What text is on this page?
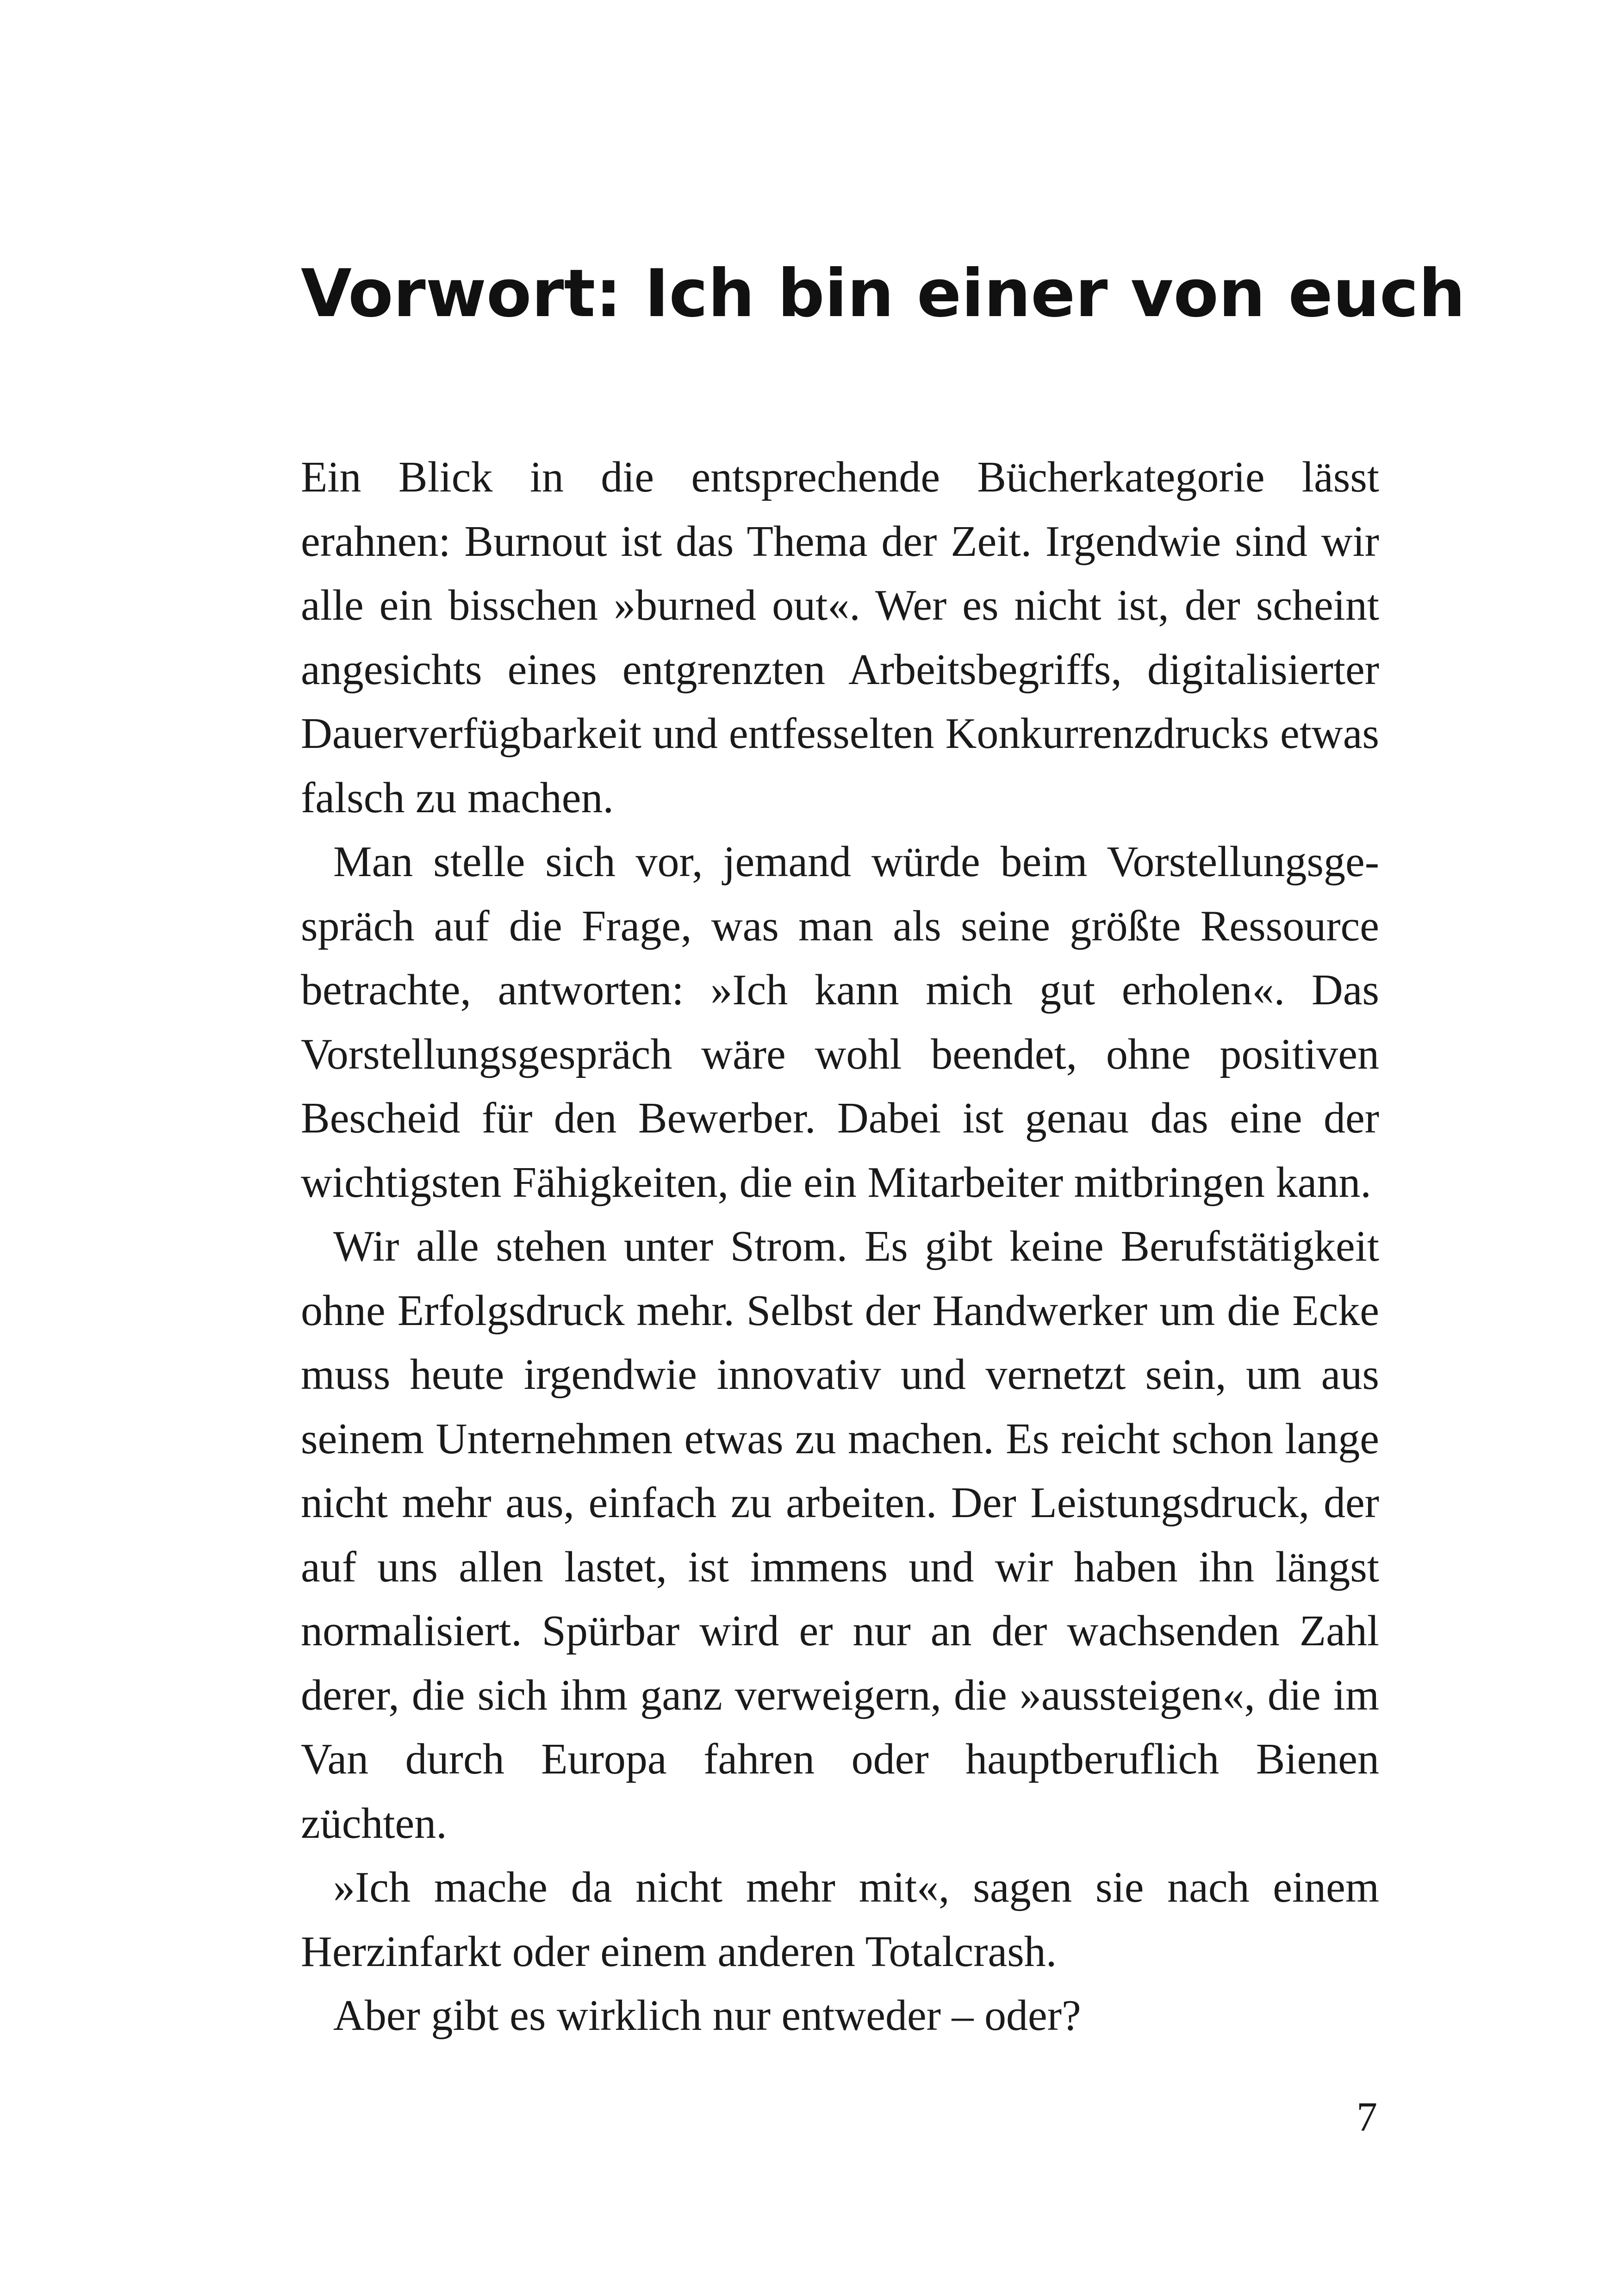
Vorwort: Ich bin einer von euch

Ein Blick in die entsprechende Bücherkategorie lässt erahnen: Burnout ist das Thema der Zeit. Irgendwie sind wir alle ein bisschen »burned out«. Wer es nicht ist, der scheint angesichts eines entgrenzten Arbeitsbegriffs, digitalisierter Dauerverfügbarkeit und entfesselten Konkurrenzdrucks etwas falsch zu machen.

Man stelle sich vor, jemand würde beim Vorstellungsgespräch auf die Frage, was man als seine größte Ressource betrachte, antworten: »Ich kann mich gut erholen«. Das Vorstellungsgespräch wäre wohl beendet, ohne positiven Bescheid für den Bewerber. Dabei ist genau das eine der wichtigsten Fähigkeiten, die ein Mitarbeiter mitbringen kann.

Wir alle stehen unter Strom. Es gibt keine Berufstätigkeit ohne Erfolgsdruck mehr. Selbst der Handwerker um die Ecke muss heute irgendwie innovativ und vernetzt sein, um aus seinem Unternehmen etwas zu machen. Es reicht schon lange nicht mehr aus, einfach zu arbeiten. Der Leistungsdruck, der auf uns allen lastet, ist immens und wir haben ihn längst normalisiert. Spürbar wird er nur an der wachsenden Zahl derer, die sich ihm ganz verweigern, die »aussteigen«, die im Van durch Europa fahren oder hauptberuflich Bienen züchten.

»Ich mache da nicht mehr mit«, sagen sie nach einem Herzinfarkt oder einem anderen Totalcrash.

Aber gibt es wirklich nur entweder – oder?

7
